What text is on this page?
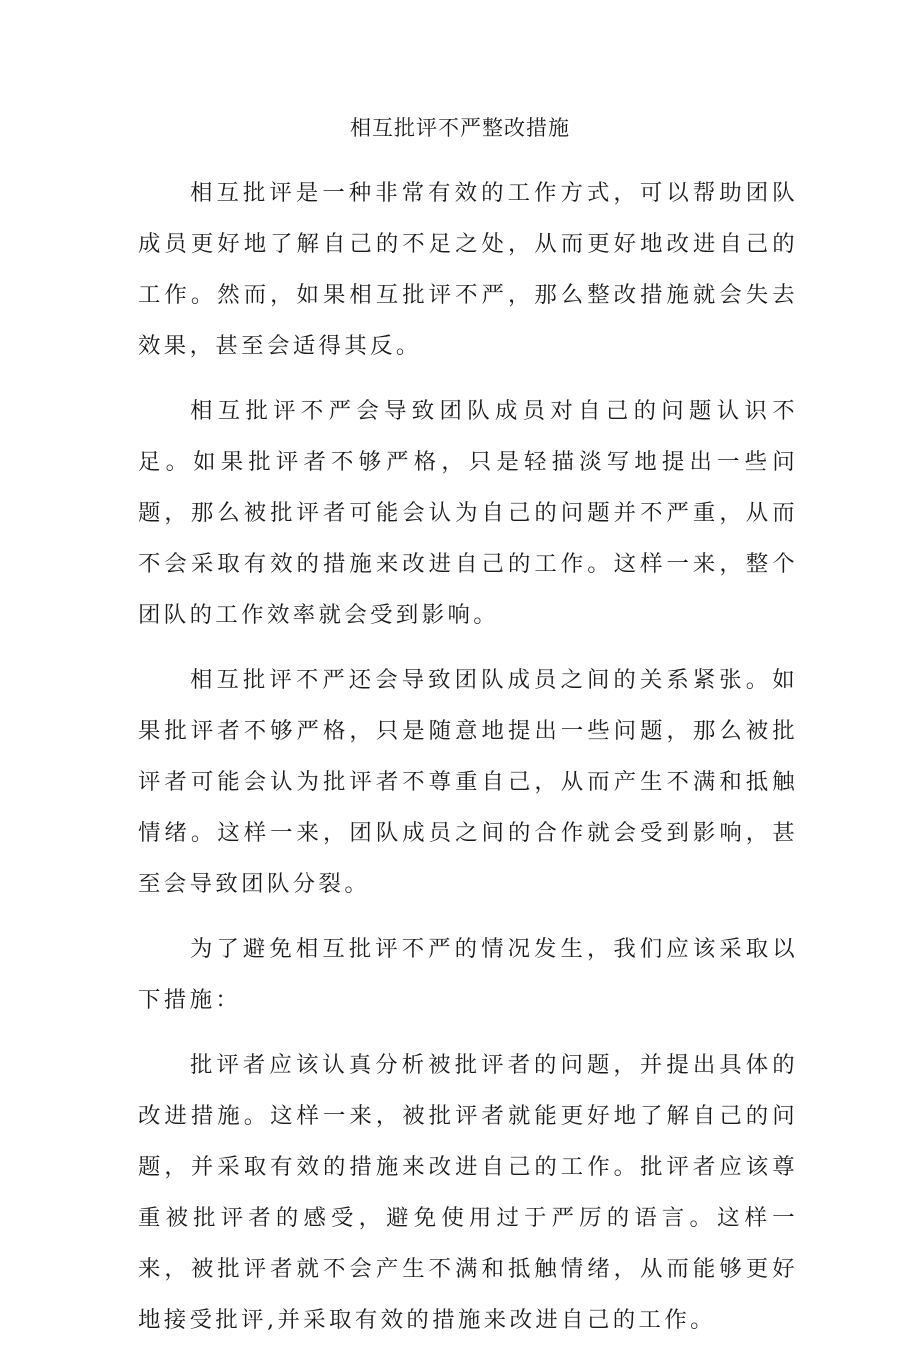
相互批评不严整改措施

相互批评是一种非常有效的工作方式，可以帮助团队成员更好地了解自己的不足之处，从而更好地改进自己的工作。然而，如果相互批评不严，那么整改措施就会失去效果，甚至会适得其反。

相互批评不严会导致团队成员对自己的问题认识不足。如果批评者不够严格，只是轻描淡写地提出一些问题，那么被批评者可能会认为自己的问题并不严重，从而不会采取有效的措施来改进自己的工作。这样一来，整个团队的工作效率就会受到影响。

相互批评不严还会导致团队成员之间的关系紧张。如果批评者不够严格，只是随意地提出一些问题，那么被批评者可能会认为批评者不尊重自己，从而产生不满和抵触情绪。这样一来，团队成员之间的合作就会受到影响，甚至会导致团队分裂。

为了避免相互批评不严的情况发生，我们应该采取以下措施：

批评者应该认真分析被批评者的问题，并提出具体的改进措施。这样一来，被批评者就能更好地了解自己的问题，并采取有效的措施来改进自己的工作。批评者应该尊重被批评者的感受，避免使用过于严厉的语言。这样一来，被批评者就不会产生不满和抵触情绪，从而能够更好地接受批评,并采取有效的措施来改进自己的工作。
